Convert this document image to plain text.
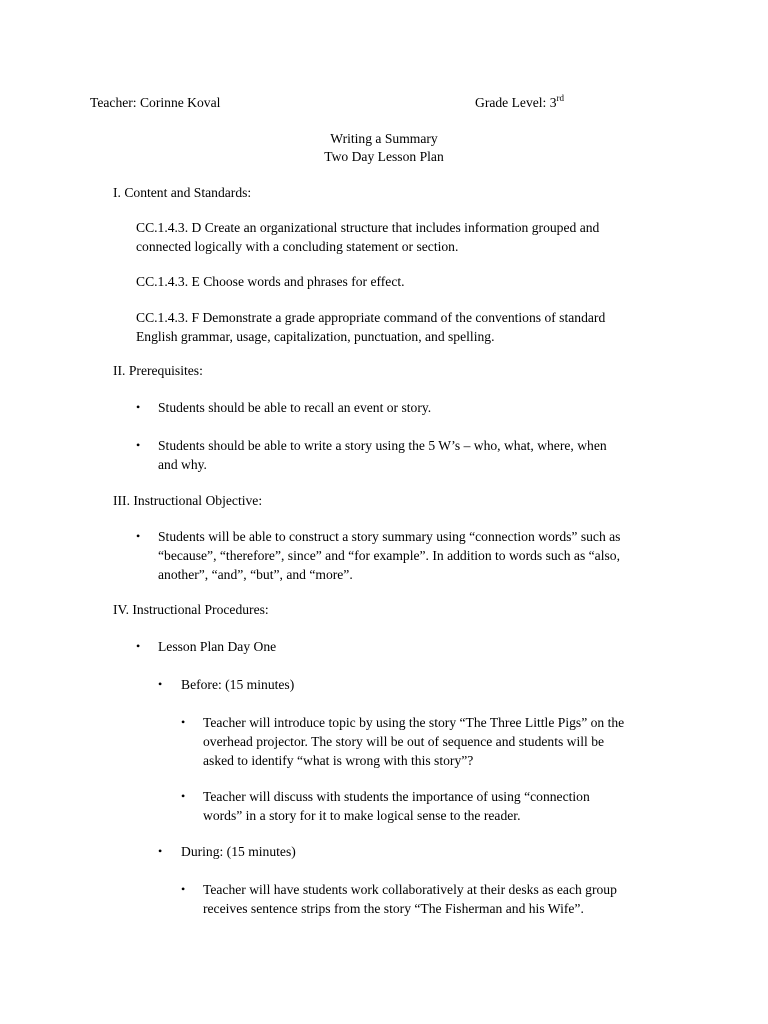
Teacher: Corinne Koval	Grade Level: 3rd
Writing a Summary
Two Day Lesson Plan
I. Content and Standards:
CC.1.4.3. D Create an organizational structure that includes information grouped and
connected logically with a concluding statement or section.
CC.1.4.3. E Choose words and phrases for effect.
CC.1.4.3. F Demonstrate a grade appropriate command of the conventions of standard
English grammar, usage, capitalization, punctuation, and spelling.
II. Prerequisites:
• Students should be able to recall an event or story.
• Students should be able to write a story using the 5 W’s – who, what, where, when
and why.
III. Instructional Objective:
• Students will be able to construct a story summary using “connection words” such as
“because”, “therefore”, since” and “for example”. In addition to words such as “also,
another”, “and”, “but”, and “more”.
IV. Instructional Procedures:
• Lesson Plan Day One
• Before: (15 minutes)
• Teacher will introduce topic by using the story “The Three Little Pigs” on the
overhead projector. The story will be out of sequence and students will be
asked to identify “what is wrong with this story”?
• Teacher will discuss with students the importance of using “connection
words” in a story for it to make logical sense to the reader.
• During: (15 minutes)
• Teacher will have students work collaboratively at their desks as each group
receives sentence strips from the story “The Fisherman and his Wife”.
